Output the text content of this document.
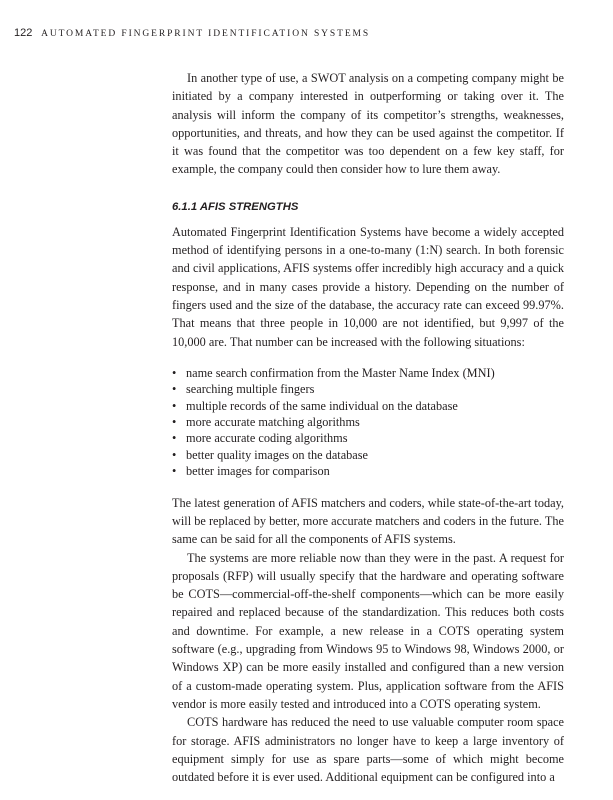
122 AUTOMATED FINGERPRINT IDENTIFICATION SYSTEMS

In another type of use, a SWOT analysis on a competing company might be initiated by a company interested in outperforming or taking over it. The analysis will inform the company of its competitor’s strengths, weaknesses, opportunities, and threats, and how they can be used against the competitor. If it was found that the competitor was too dependent on a few key staff, for example, the company could then consider how to lure them away.

6.1.1 AFIS STRENGTHS

Automated Fingerprint Identification Systems have become a widely accepted method of identifying persons in a one-to-many (1:N) search. In both forensic and civil applications, AFIS systems offer incredibly high accuracy and a quick response, and in many cases provide a history. Depending on the number of fingers used and the size of the database, the accuracy rate can exceed 99.97%. That means that three people in 10,000 are not identified, but 9,997 of the 10,000 are. That number can be increased with the following situations:

• name search confirmation from the Master Name Index (MNI)
• searching multiple fingers
• multiple records of the same individual on the database
• more accurate matching algorithms
• more accurate coding algorithms
• better quality images on the database
• better images for comparison

The latest generation of AFIS matchers and coders, while state-of-the-art today, will be replaced by better, more accurate matchers and coders in the future. The same can be said for all the components of AFIS systems.

The systems are more reliable now than they were in the past. A request for proposals (RFP) will usually specify that the hardware and operating software be COTS—commercial-off-the-shelf components—which can be more easily repaired and replaced because of the standardization. This reduces both costs and downtime. For example, a new release in a COTS operating system software (e.g., upgrading from Windows 95 to Windows 98, Windows 2000, or Windows XP) can be more easily installed and configured than a new version of a custom-made operating system. Plus, application software from the AFIS vendor is more easily tested and introduced into a COTS operating system.

COTS hardware has reduced the need to use valuable computer room space for storage. AFIS administrators no longer have to keep a large inventory of equipment simply for use as spare parts—some of which might become outdated before it is ever used. Additional equipment can be configured into a
